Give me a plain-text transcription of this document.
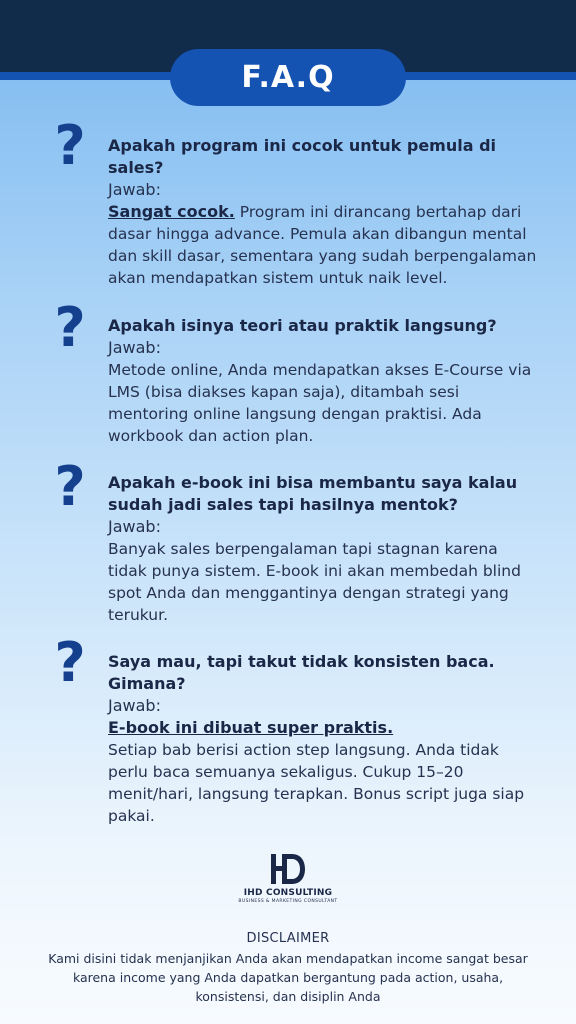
F.A.Q
? Apakah program ini cocok untuk pemula di sales?
Jawab:
Sangat cocok. Program ini dirancang bertahap dari dasar hingga advance. Pemula akan dibangun mental dan skill dasar, sementara yang sudah berpengalaman akan mendapatkan sistem untuk naik level.
? Apakah isinya teori atau praktik langsung?
Jawab:
Metode online, Anda mendapatkan akses E-Course via LMS (bisa diakses kapan saja), ditambah sesi mentoring online langsung dengan praktisi. Ada workbook dan action plan.
? Apakah e-book ini bisa membantu saya kalau sudah jadi sales tapi hasilnya mentok?
Jawab:
Banyak sales berpengalaman tapi stagnan karena tidak punya sistem. E-book ini akan membedah blind spot Anda dan menggantinya dengan strategi yang terukur.
? Saya mau, tapi takut tidak konsisten baca. Gimana?
Jawab:
E-book ini dibuat super praktis.
Setiap bab berisi action step langsung. Anda tidak perlu baca semuanya sekaligus. Cukup 15–20 menit/hari, langsung terapkan. Bonus script juga siap pakai.
IHD CONSULTING
BUSINESS & MARKETING CONSULTANT
DISCLAIMER
Kami disini tidak menjanjikan Anda akan mendapatkan income sangat besar karena income yang Anda dapatkan bergantung pada action, usaha, konsistensi, dan disiplin Anda
